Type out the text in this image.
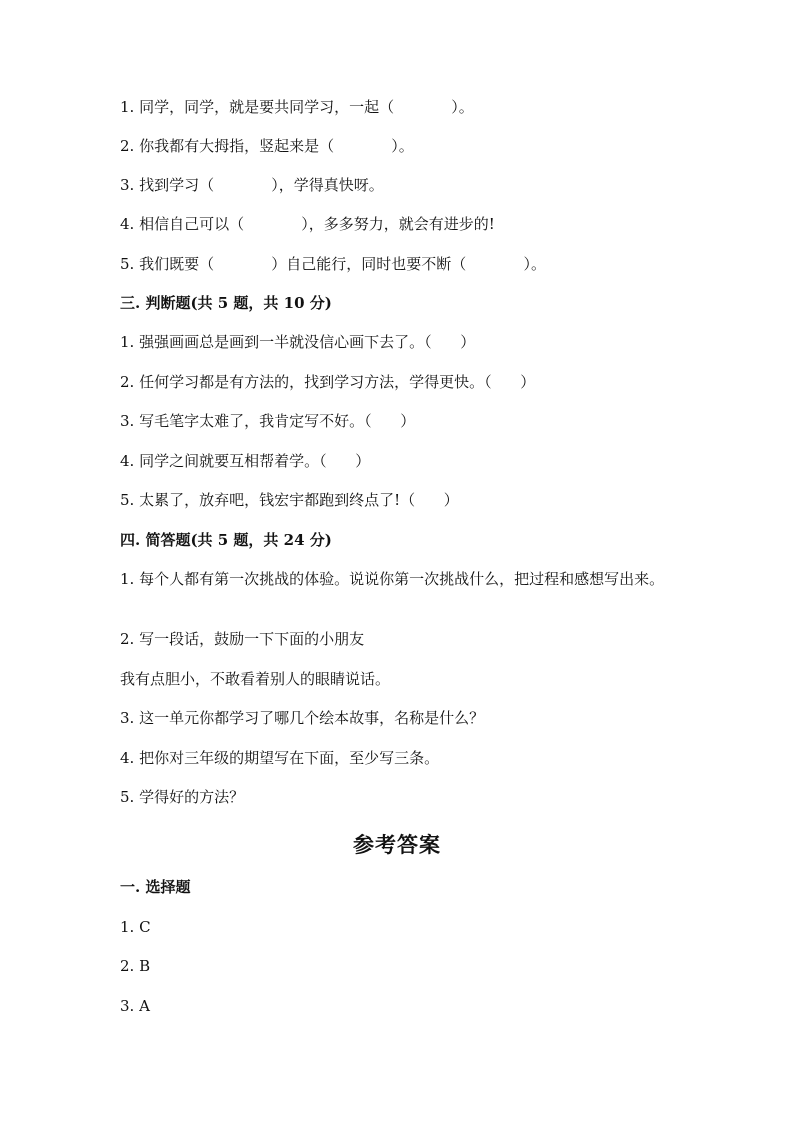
1. 同学，同学，就是要共同学习，一起（            ）。
2. 你我都有大拇指，竖起来是（            ）。
3. 找到学习（            ），学得真快呀。
4. 相信自己可以（            ），多多努力，就会有进步的!
5. 我们既要（            ）自己能行，同时也要不断（            ）。
三. 判断题(共 5 题，共 10 分)
1. 强强画画总是画到一半就没信心画下去了。（      ）
2. 任何学习都是有方法的，找到学习方法，学得更快。（      ）
3. 写毛笔字太难了，我肯定写不好。（      ）
4. 同学之间就要互相帮着学。（      ）
5. 太累了，放弃吧，钱宏宇都跑到终点了!（      ）
四. 简答题(共 5 题，共 24 分)
1. 每个人都有第一次挑战的体验。说说你第一次挑战什么，把过程和感想写出来。
2. 写一段话，鼓励一下下面的小朋友
我有点胆小，不敢看着别人的眼睛说话。
3. 这一单元你都学习了哪几个绘本故事，名称是什么？
4. 把你对三年级的期望写在下面，至少写三条。
5. 学得好的方法？
参考答案
一. 选择题
1. C
2. B
3. A
